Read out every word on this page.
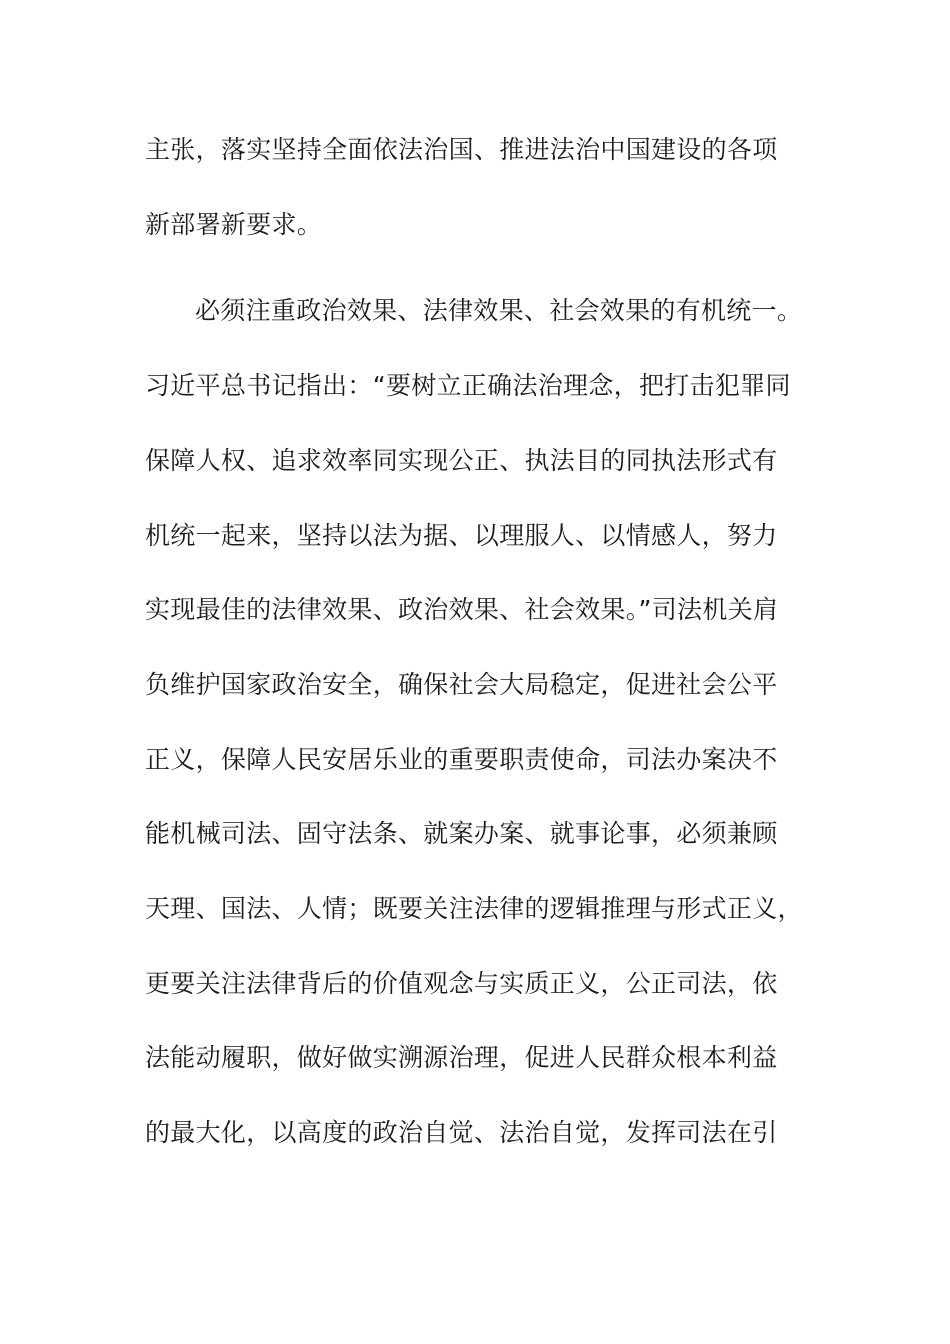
主张，落实坚持全面依法治国、推进法治中国建设的各项
新部署新要求。
必须注重政治效果、法律效果、社会效果的有机统一。
习近平总书记指出：“要树立正确法治理念，把打击犯罪同
保障人权、追求效率同实现公正、执法目的同执法形式有
机统一起来，坚持以法为据、以理服人、以情感人，努力
实现最佳的法律效果、政治效果、社会效果。”司法机关肩
负维护国家政治安全，确保社会大局稳定，促进社会公平
正义，保障人民安居乐业的重要职责使命，司法办案决不
能机械司法、固守法条、就案办案、就事论事，必须兼顾
天理、国法、人情；既要关注法律的逻辑推理与形式正义，
更要关注法律背后的价值观念与实质正义，公正司法，依
法能动履职，做好做实溯源治理，促进人民群众根本利益
的最大化，以高度的政治自觉、法治自觉，发挥司法在引
